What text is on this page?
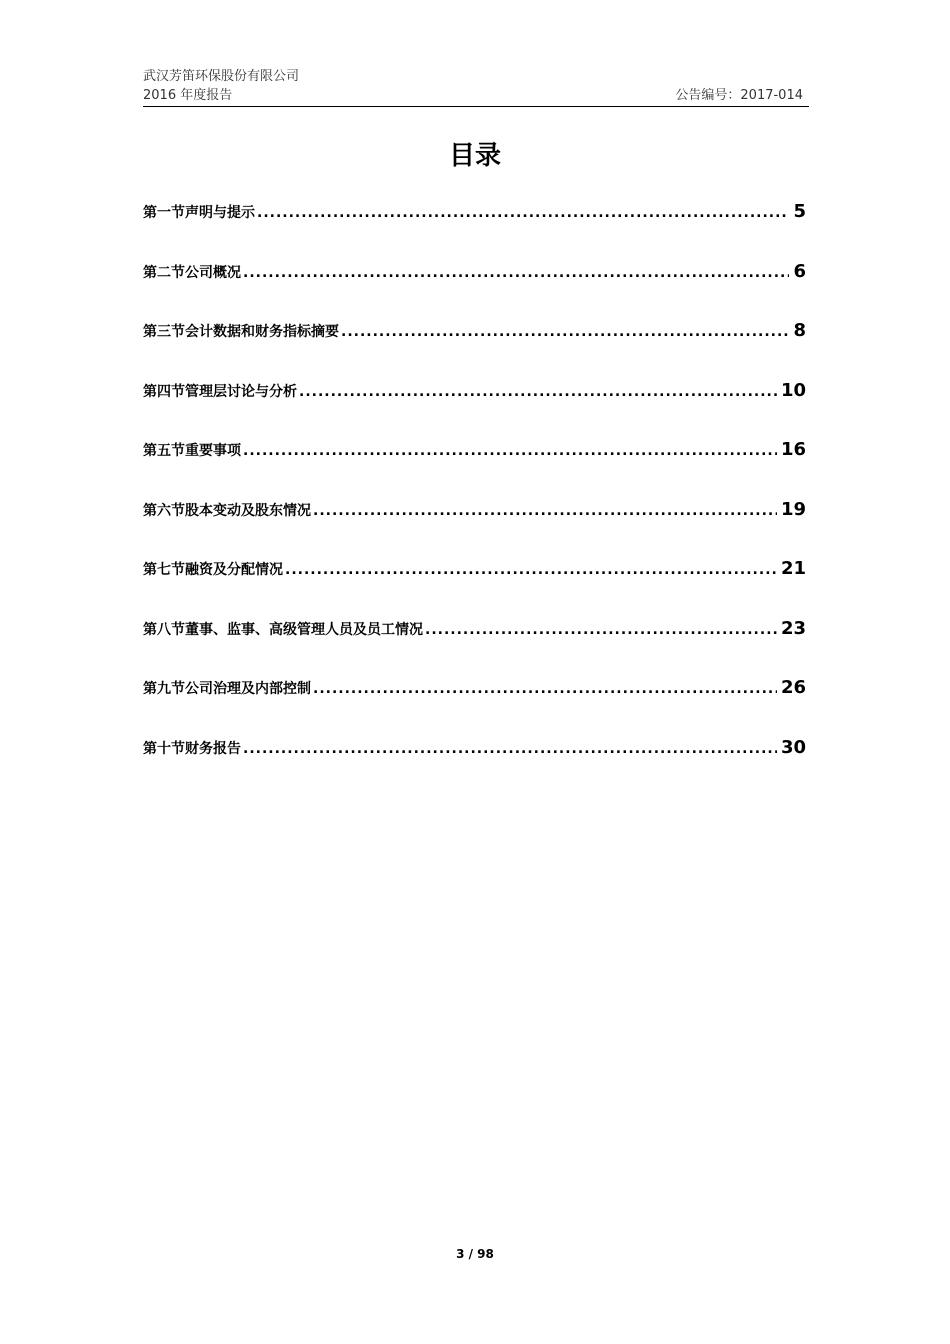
武汉芳笛环保股份有限公司
2016 年度报告	公告编号：2017-014
目录
第一节声明与提示 .....	5
第二节公司概况 .....	6
第三节会计数据和财务指标摘要 .....	8
第四节管理层讨论与分析 .....	10
第五节重要事项 .....	16
第六节股本变动及股东情况 .....	19
第七节融资及分配情况 .....	21
第八节董事、监事、高级管理人员及员工情况 .....	23
第九节公司治理及内部控制 .....	26
第十节财务报告 .....	30
3 / 98
